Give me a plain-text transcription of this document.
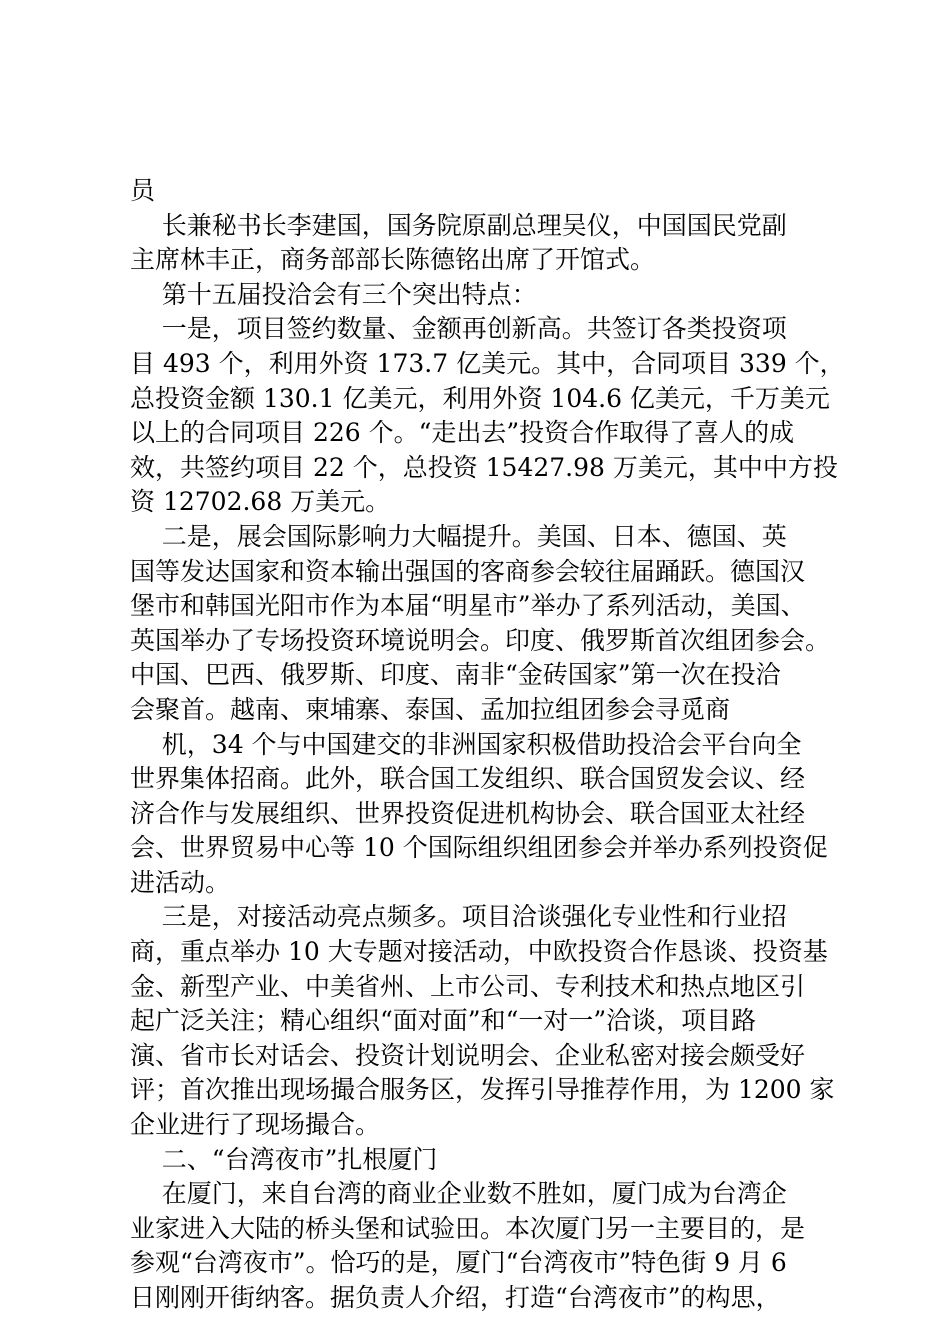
员
长兼秘书长李建国，国务院原副总理吴仪，中国国民党副
主席林丰正，商务部部长陈德铭出席了开馆式。
第十五届投洽会有三个突出特点：
一是，项目签约数量、金额再创新高。共签订各类投资项
目 493 个，利用外资 173.7 亿美元。其中，合同项目 339 个，
总投资金额 130.1 亿美元，利用外资 104.6 亿美元，千万美元
以上的合同项目 226 个。“走出去”投资合作取得了喜人的成
效，共签约项目 22 个，总投资 15427.98 万美元，其中中方投
资 12702.68 万美元。
二是，展会国际影响力大幅提升。美国、日本、德国、英
国等发达国家和资本输出强国的客商参会较往届踊跃。德国汉
堡市和韩国光阳市作为本届“明星市”举办了系列活动，美国、
英国举办了专场投资环境说明会。印度、俄罗斯首次组团参会。
中国、巴西、俄罗斯、印度、南非“金砖国家”第一次在投洽
会聚首。越南、柬埔寨、泰国、孟加拉组团参会寻觅商
机，34 个与中国建交的非洲国家积极借助投洽会平台向全
世界集体招商。此外，联合国工发组织、联合国贸发会议、经
济合作与发展组织、世界投资促进机构协会、联合国亚太社经
会、世界贸易中心等 10 个国际组织组团参会并举办系列投资促
进活动。
三是，对接活动亮点频多。项目洽谈强化专业性和行业招
商，重点举办 10 大专题对接活动，中欧投资合作恳谈、投资基
金、新型产业、中美省州、上市公司、专利技术和热点地区引
起广泛关注；精心组织“面对面”和“一对一”洽谈，项目路
演、省市长对话会、投资计划说明会、企业私密对接会颇受好
评；首次推出现场撮合服务区，发挥引导推荐作用，为 1200 家
企业进行了现场撮合。
二、“台湾夜市”扎根厦门
在厦门，来自台湾的商业企业数不胜如，厦门成为台湾企
业家进入大陆的桥头堡和试验田。本次厦门另一主要目的，是
参观“台湾夜市”。恰巧的是，厦门“台湾夜市”特色街 9 月 6
日刚刚开街纳客。据负责人介绍，打造“台湾夜市”的构思，
